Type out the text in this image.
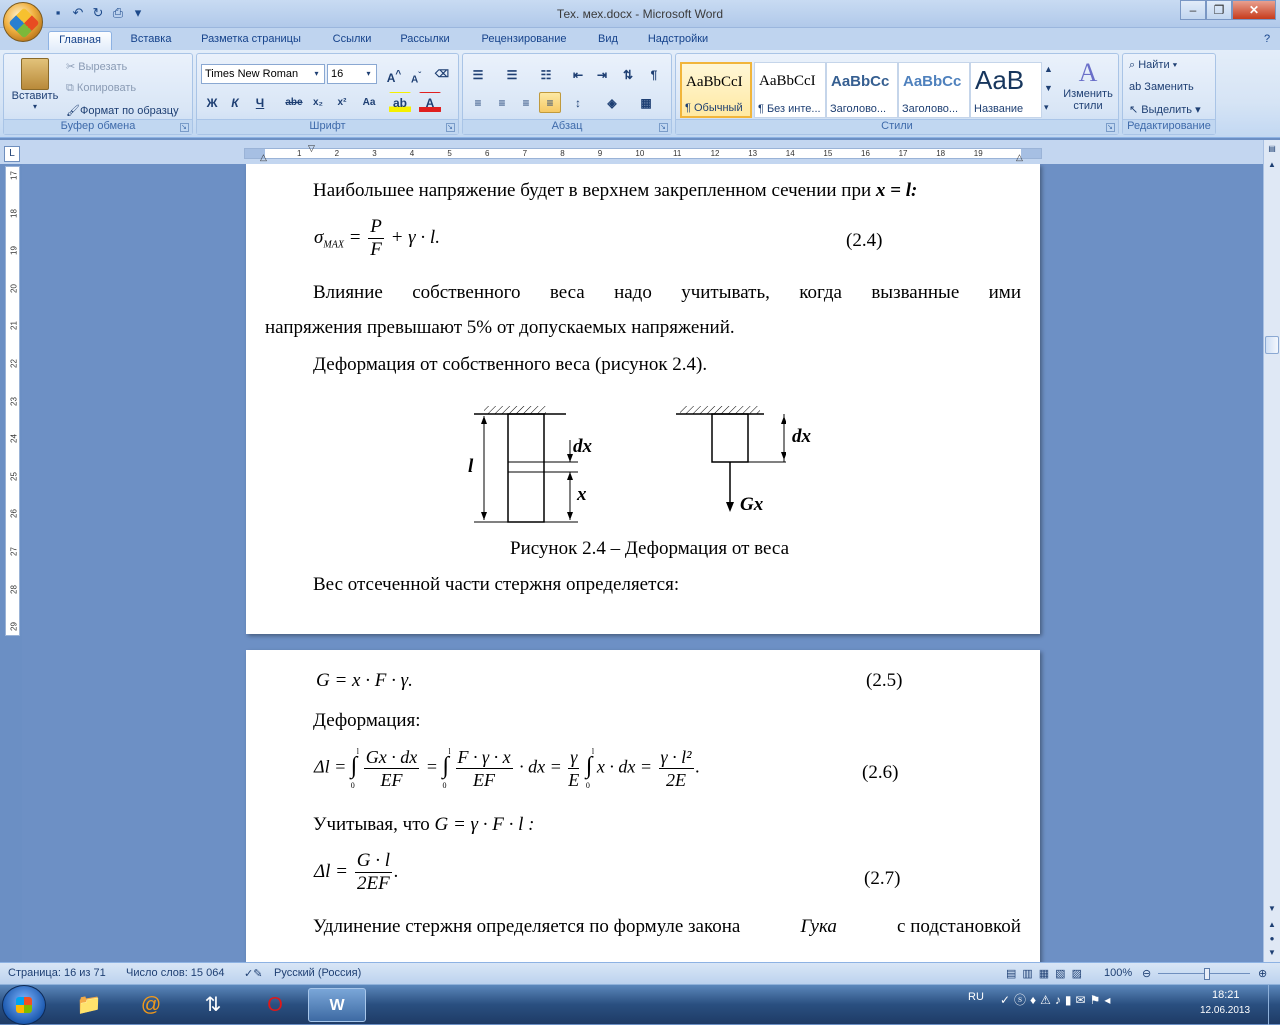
▪ ↶ ↻ ⎙ ▾	Тех. мех.docx - Microsoft Word	–	❐	✕
Главная	Вставка	Разметка страницы	Ссылки	Рассылки	Рецензирование	Вид	Надстройки	?
Вставить
▾
✂ Вырезать
⧉ Копировать
🖌Формат по образцу
Буфер обмена	↘
Times New Roman	▾	16	▾	A^ $A^ˇ$	⌫
Ж	К	Ч	abe	x₂	x²	Aa	ab	A
Шрифт	↘
☰	☰	☷	⇤	⇥	⇅	¶
≡	≡	≡	≡	↕	◈	▦
Абзац	↘
AaBbCcI
¶ Обычный
AaBbCcI
¶ Без инте...
AaBbCc
Заголово...
AaBbCc
Заголово...
AaB
Название
▲
▼
▾
A
Изменить стили
Стили	↘
⌕ Найти ▾
ab Заменить
↖ Выделить ▾
Редактирование
1	2	3	4	5	6	7	8	9	10	11	12	13	14	15	16	17	18	19
▽
△	△
L
17
18
19
20
21
22
23
24
25
26
27
28
29
▤
▲
▼
▲
●
▼
Наибольшее напряжение будет в верхнем закрепленном сечении при x = l:
$\sigma_{MAX} = \frac{P}{F} + \gamma \cdot l$.	(2.4)
Влияние собственного веса надо учитывать, когда вызванные ими
напряжения превышают 5% от допускаемых напряжений.
Деформация от собственного веса (рисунок 2.4).
l
dx
x
dx
Gx
Рисунок 2.4 – Деформация от веса
Вес отсеченной части стержня определяется:
G = x · F · γ.	(2.5)
Деформация:
Δl = ∫
l
0
$\frac{Gx \cdot dx}{EF}$ = ∫
l
0
$\frac{F \cdot \gamma \cdot x}{EF}$ · dx = $\frac{\gamma}{E}$ ∫
l
0
x · dx = $\frac{\text{γ · l²}}{2E}$ .	(2.6)
Учитывая, что G = γ · F · l :
$\Delta l = \frac{G \cdot l}{2EF}$ .	(2.7)
Удлинение стержня определяется по формуле закона	Гука	с подстановкой
Страница: 16 из 71 Число слов: 15 064 ✓✎ Русский (Россия)	▤▥▦▧▨ 100% ⊖	⊕
📁	@	⇅	O	W	RU ✓ⓢ♦⚠♪▮✉⚑◂	18:21
12.06.2013
